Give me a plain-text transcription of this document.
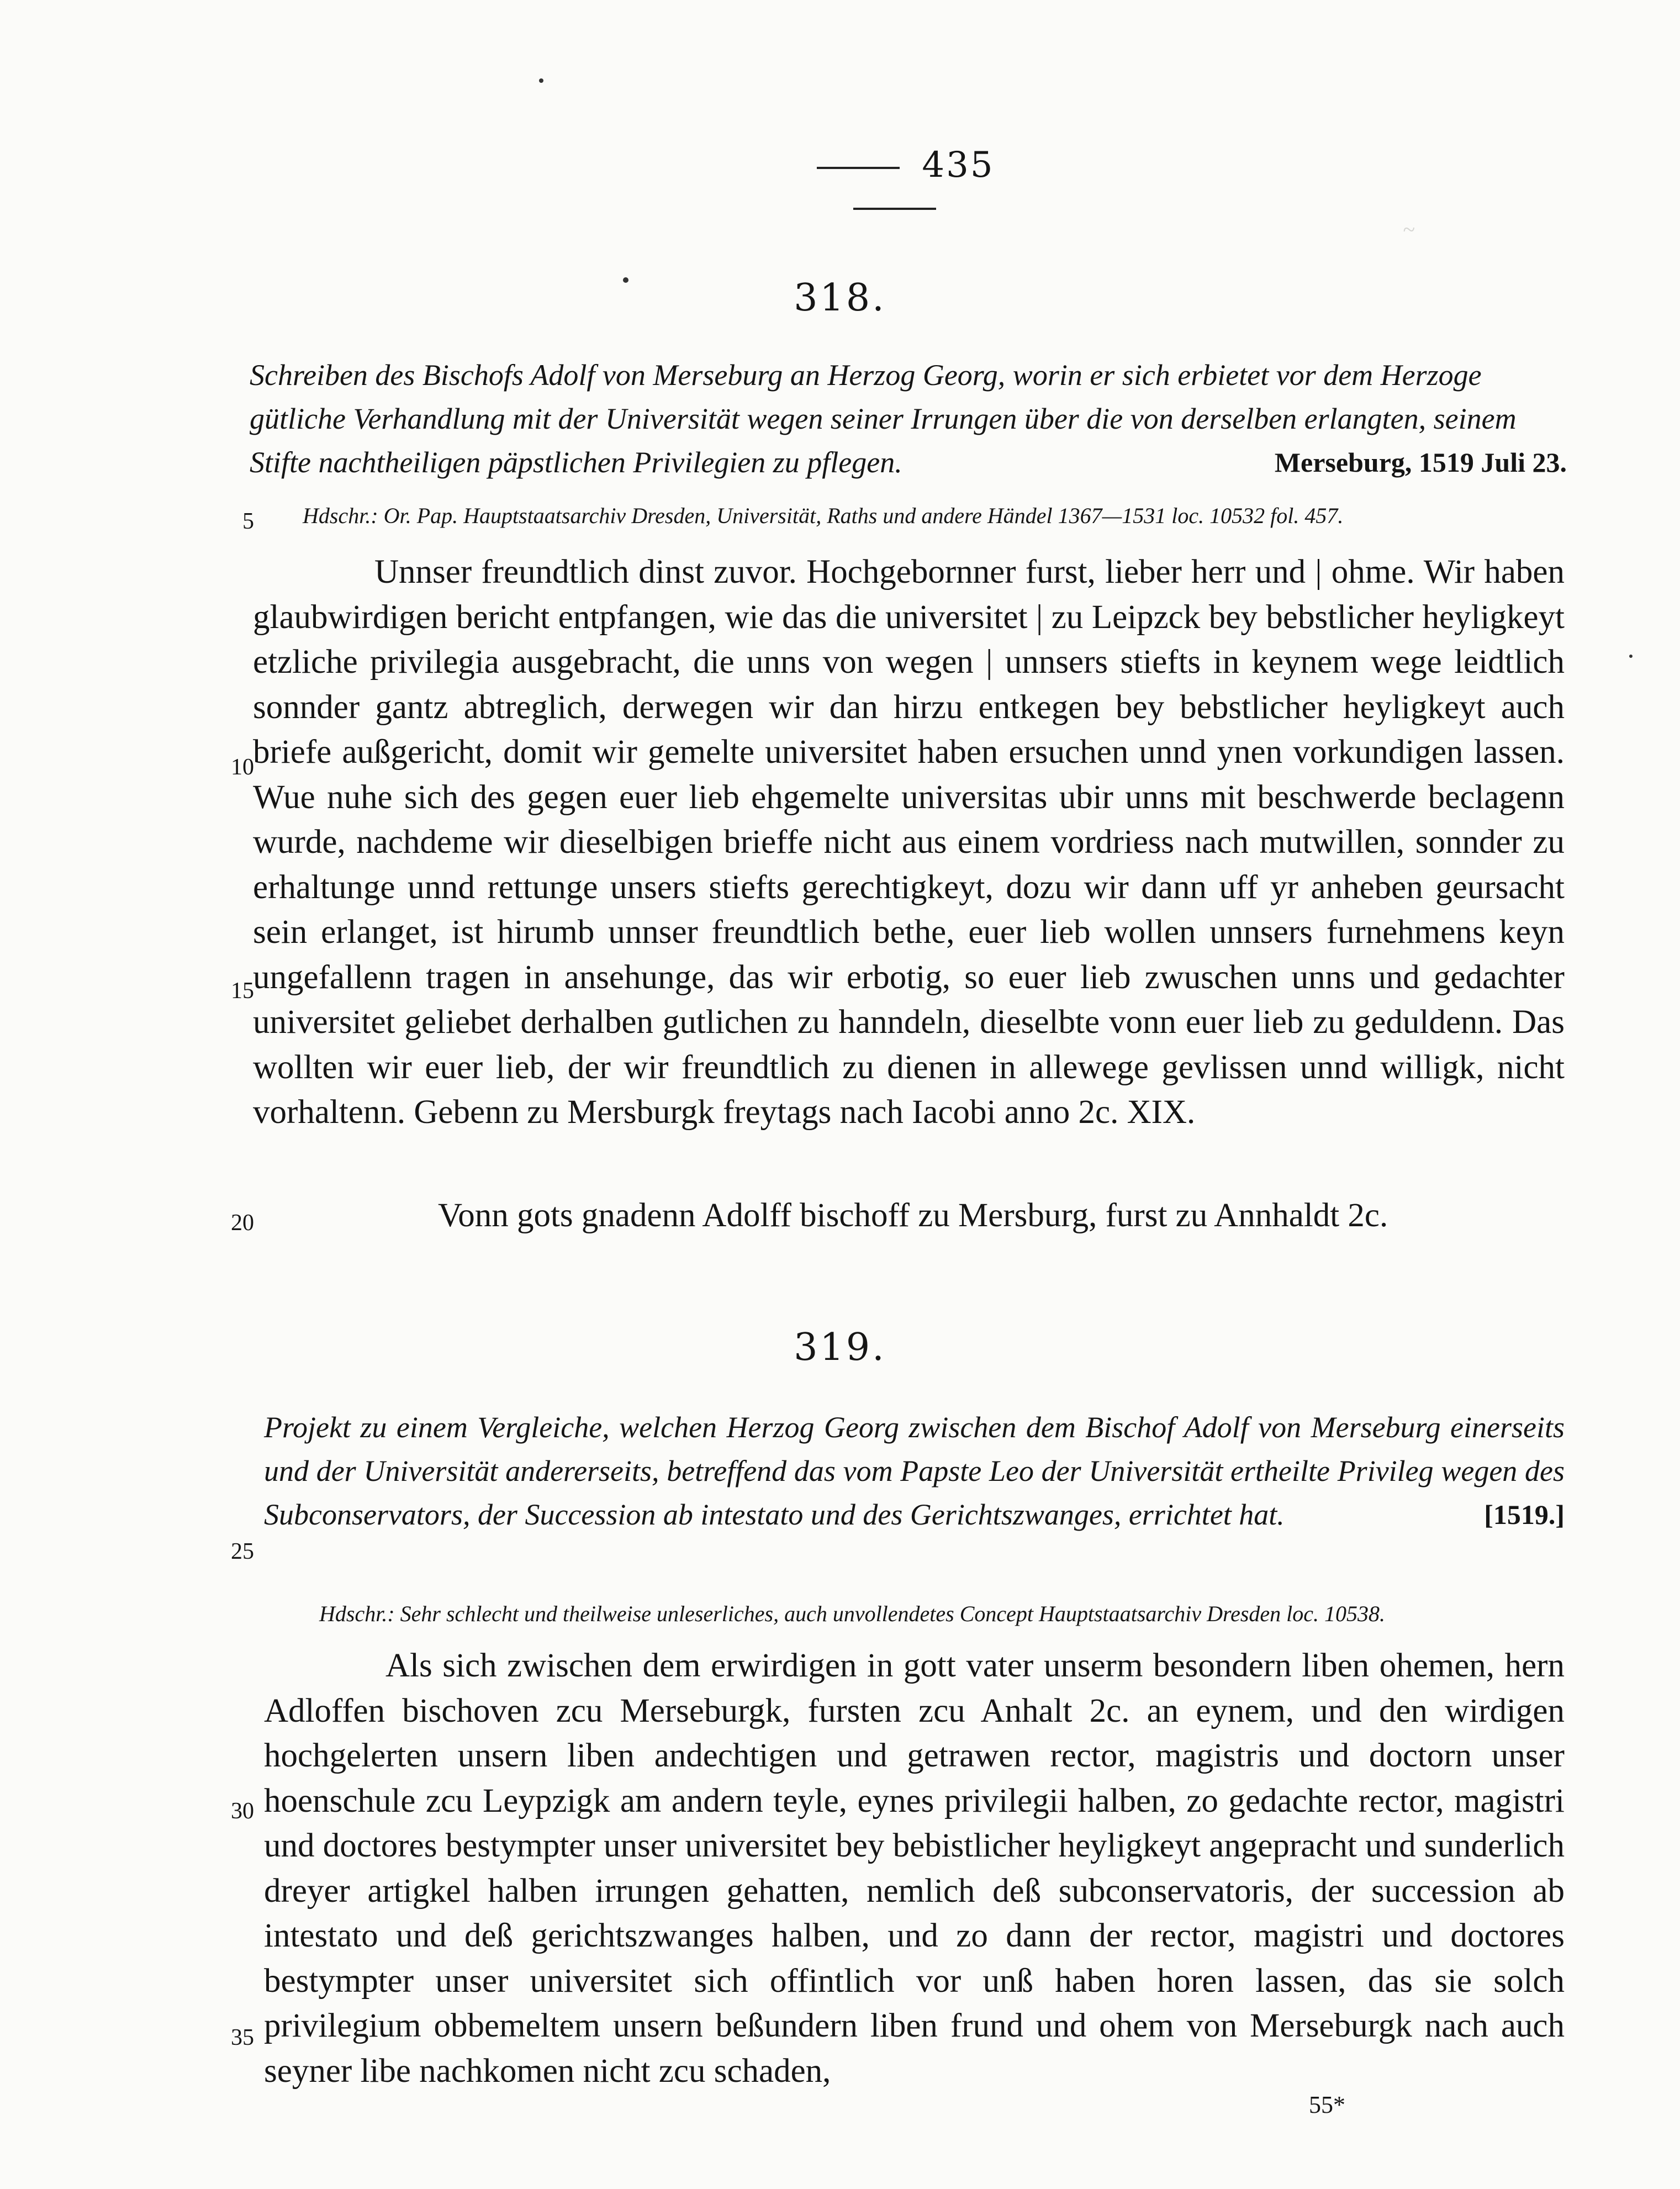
435
~
318.
Schreiben des Bischofs Adolf von Merseburg an Herzog Georg, worin er sich erbietet vor dem Herzoge gütliche Verhandlung mit der Universität wegen seiner Irrungen über die von derselben erlangten, seinem Stifte nachtheiligen päpstlichen Privilegien zu pflegen.	Merseburg, 1519 Juli 23.
Hdschr.: Or. Pap. Hauptstaatsarchiv Dresden, Universität, Raths und andere Händel 1367—1531 loc. 10532 fol. 457.
Unnser freundtlich dinst zuvor. Hochgebornner furst, lieber herr und | ohme. Wir haben glaubwirdigen bericht entpfangen, wie das die universitet | zu Leipzck bey bebstlicher heyligkeyt etzliche privilegia ausgebracht, die unns von wegen | unnsers stiefts in keynem wege leidtlich sonnder gantz abtreglich, derwegen wir dan hirzu entkegen bey bebstlicher heyligkeyt auch briefe außgericht, domit wir gemelte universitet haben ersuchen unnd ynen vorkundigen lassen. Wue nuhe sich des gegen euer lieb ehgemelte universitas ubir unns mit beschwerde beclagenn wurde, nachdeme wir dieselbigen brieffe nicht aus einem vordriess nach mutwillen, sonnder zu erhaltunge unnd rettunge unsers stiefts gerechtigkeyt, dozu wir dann uff yr anheben geursacht sein erlanget, ist hirumb unnser freundtlich bethe, euer lieb wollen unnsers furnehmens keyn ungefallenn tragen in ansehunge, das wir erbotig, so euer lieb zwuschen unns und gedachter universitet geliebet derhalben gutlichen zu hanndeln, dieselbte vonn euer lieb zu geduldenn. Das wollten wir euer lieb, der wir freundtlich zu dienen in allewege gevlissen unnd willigk, nicht vorhaltenn. Gebenn zu Mersburgk freytags nach Iacobi anno 2c. XIX.
Vonn gots gnadenn Adolff bischoff zu Mersburg, furst zu Annhaldt 2c.
319.
Projekt zu einem Vergleiche, welchen Herzog Georg zwischen dem Bischof Adolf von Merseburg einerseits und der Universität andererseits, betreffend das vom Papste Leo der Universität ertheilte Privileg wegen des Subconservators, der Succession ab intestato und des Gerichtszwanges, errichtet hat.	[1519.]
Hdschr.: Sehr schlecht und theilweise unleserliches, auch unvollendetes Concept Hauptstaatsarchiv Dresden loc. 10538.
Als sich zwischen dem erwirdigen in gott vater unserm besondern liben ohemen, hern Adloffen bischoven zcu Merseburgk, fursten zcu Anhalt 2c. an eynem, und den wirdigen hochgelerten unsern liben andechtigen und getrawen rector, magistris und doctorn unser hoenschule zcu Leypzigk am andern teyle, eynes privilegii halben, zo gedachte rector, magistri und doctores bestympter unser universitet bey bebistlicher heyligkeyt angepracht und sunderlich dreyer artigkel halben irrungen gehatten, nemlich deß subconservatoris, der succession ab intestato und deß gerichtszwanges halben, und zo dann der rector, magistri und doctores bestympter unser universitet sich offintlich vor unß haben horen lassen, das sie solch privilegium obbemeltem unsern beßundern liben frund und ohem von Merseburgk nach auch seyner libe nachkomen nicht zcu schaden,
5
10
15
20
25
30
35
55*
